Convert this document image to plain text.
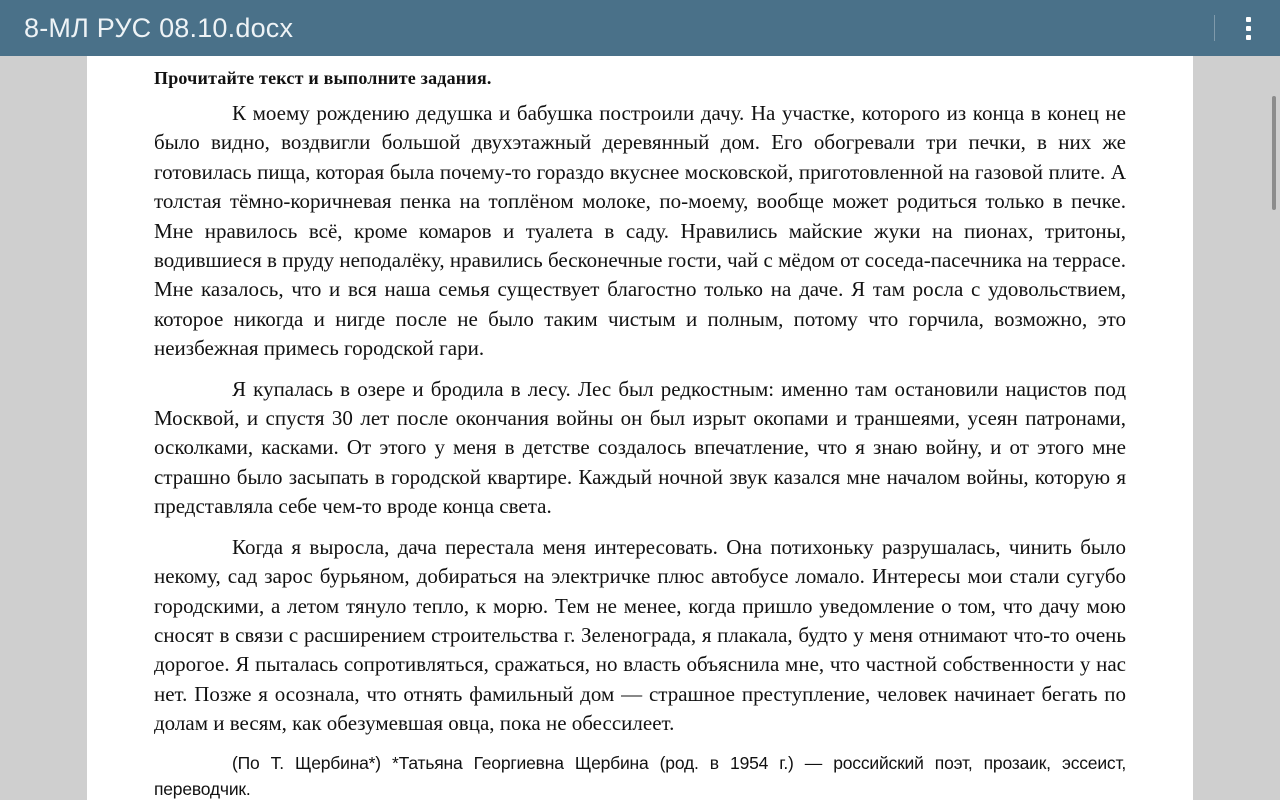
8-МЛ РУС 08.10.docx
Прочитайте текст и выполните задания.

К моему рождению дедушка и бабушка построили дачу. На участке, которого из конца в конец не было видно, воздвигли большой двухэтажный деревянный дом. Его обогревали три печки, в них же готовилась пища, которая была почему-то гораздо вкуснее московской, приготовленной на газовой плите. А толстая тёмно-коричневая пенка на топлёном молоке, по-моему, вообще может родиться только в печке. Мне нравилось всё, кроме комаров и туалета в саду. Нравились майские жуки на пионах, тритоны, водившиеся в пруду неподалёку, нравились бесконечные гости, чай с мёдом от соседа-пасечника на террасе. Мне казалось, что и вся наша семья существует благостно только на даче. Я там росла с удовольствием, которое никогда и нигде после не было таким чистым и полным, потому что горчила, возможно, это неизбежная примесь городской гари.

Я купалась в озере и бродила в лесу. Лес был редкостным: именно там остановили нацистов под Москвой, и спустя 30 лет после окончания войны он был изрыт окопами и траншеями, усеян патронами, осколками, касками. От этого у меня в детстве создалось впечатление, что я знаю войну, и от этого мне страшно было засыпать в городской квартире. Каждый ночной звук казался мне началом войны, которую я представляла себе чем-то вроде конца света.

Когда я выросла, дача перестала меня интересовать. Она потихоньку разрушалась, чинить было некому, сад зарос бурьяном, добираться на электричке плюс автобусе ломало. Интересы мои стали сугубо городскими, а летом тянуло тепло, к морю. Тем не менее, когда пришло уведомление о том, что дачу мою сносят в связи с расширением строительства г. Зеленограда, я плакала, будто у меня отнимают что-то очень дорогое. Я пыталась сопротивляться, сражаться, но власть объяснила мне, что частной собственности у нас нет. Позже я осознала, что отнять фамильный дом — страшное преступление, человек начинает бегать по долам и весям, как обезумевшая овца, пока не обессилеет.

(По Т. Щербина*) *Татьяна Георгиевна Щербина (род. в 1954 г.) — российский поэт, прозаик, эссеист, переводчик.
